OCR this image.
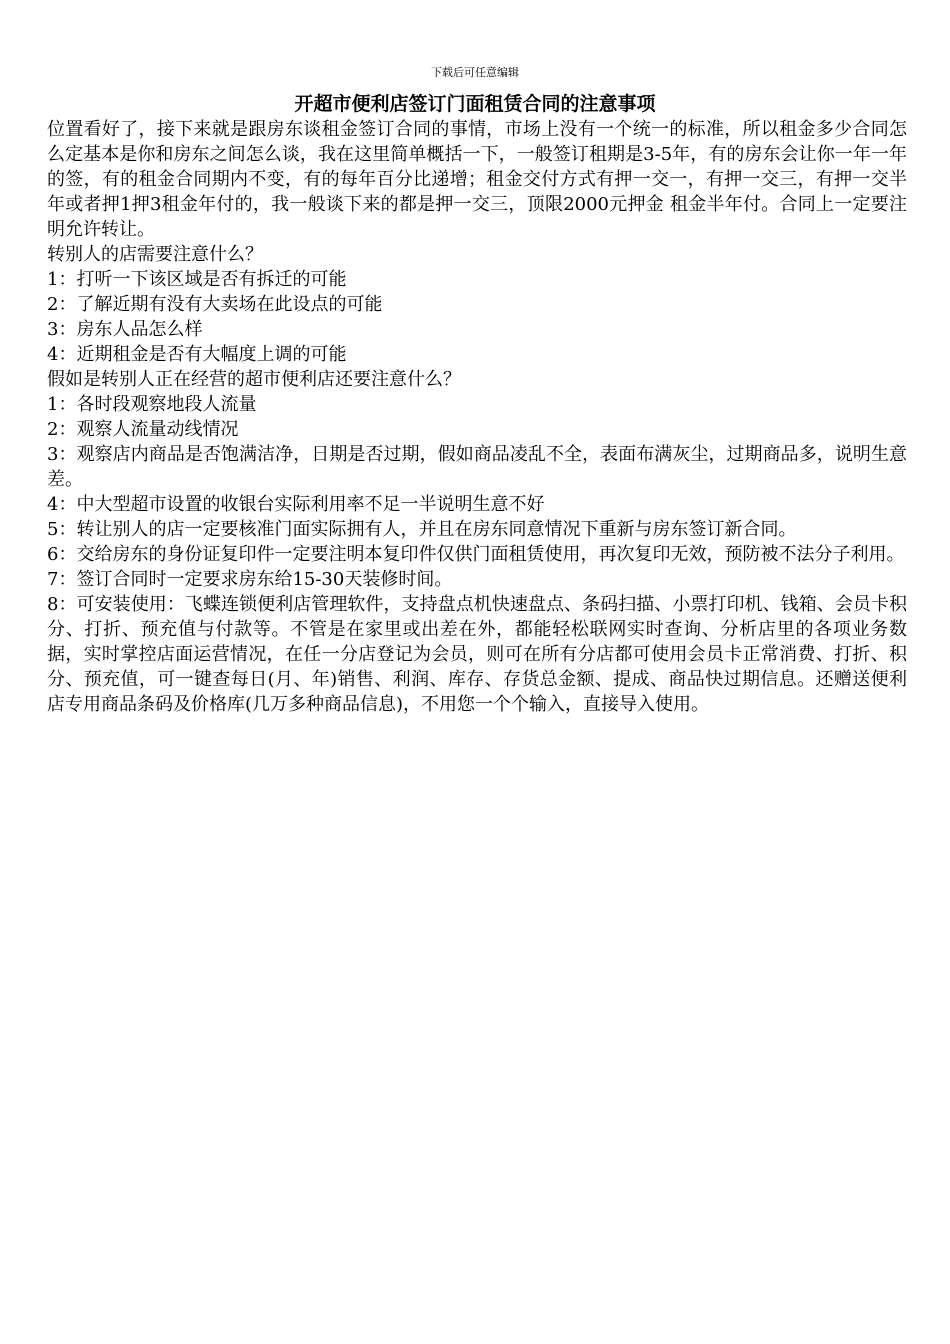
下载后可任意编辑
开超市便利店签订门面租赁合同的注意事项

位置看好了，接下来就是跟房东谈租金签订合同的事情，市场上没有一个统一的标准，所以租金多少合同怎么定基本是你和房东之间怎么谈，我在这里简单概括一下，一般签订租期是3-5年，有的房东会让你一年一年的签，有的租金合同期内不变，有的每年百分比递增；租金交付方式有押一交一，有押一交三，有押一交半年或者押1押3租金年付的，我一般谈下来的都是押一交三，顶限2000元押金 租金半年付。合同上一定要注明允许转让。

转别人的店需要注意什么？

1：打听一下该区域是否有拆迁的可能

2：了解近期有没有大卖场在此设点的可能

3：房东人品怎么样

4：近期租金是否有大幅度上调的可能

假如是转别人正在经营的超市便利店还要注意什么？

1：各时段观察地段人流量

2：观察人流量动线情况

3：观察店内商品是否饱满洁净，日期是否过期，假如商品凌乱不全，表面布满灰尘，过期商品多，说明生意差。

4：中大型超市设置的收银台实际利用率不足一半说明生意不好

5：转让别人的店一定要核准门面实际拥有人，并且在房东同意情况下重新与房东签订新合同。

6：交给房东的身份证复印件一定要注明本复印件仅供门面租赁使用，再次复印无效，预防被不法分子利用。

7：签订合同时一定要求房东给15-30天装修时间。

8：可安装使用：飞蝶连锁便利店管理软件，支持盘点机快速盘点、条码扫描、小票打印机、钱箱、会员卡积分、打折、预充值与付款等。不管是在家里或出差在外，都能轻松联网实时查询、分析店里的各项业务数据，实时掌控店面运营情况，在任一分店登记为会员，则可在所有分店都可使用会员卡正常消费、打折、积分、预充值，可一键查每日(月、年)销售、利润、库存、存货总金额、提成、商品快过期信息。还赠送便利店专用商品条码及价格库(几万多种商品信息)，不用您一个个输入，直接导入使用。
